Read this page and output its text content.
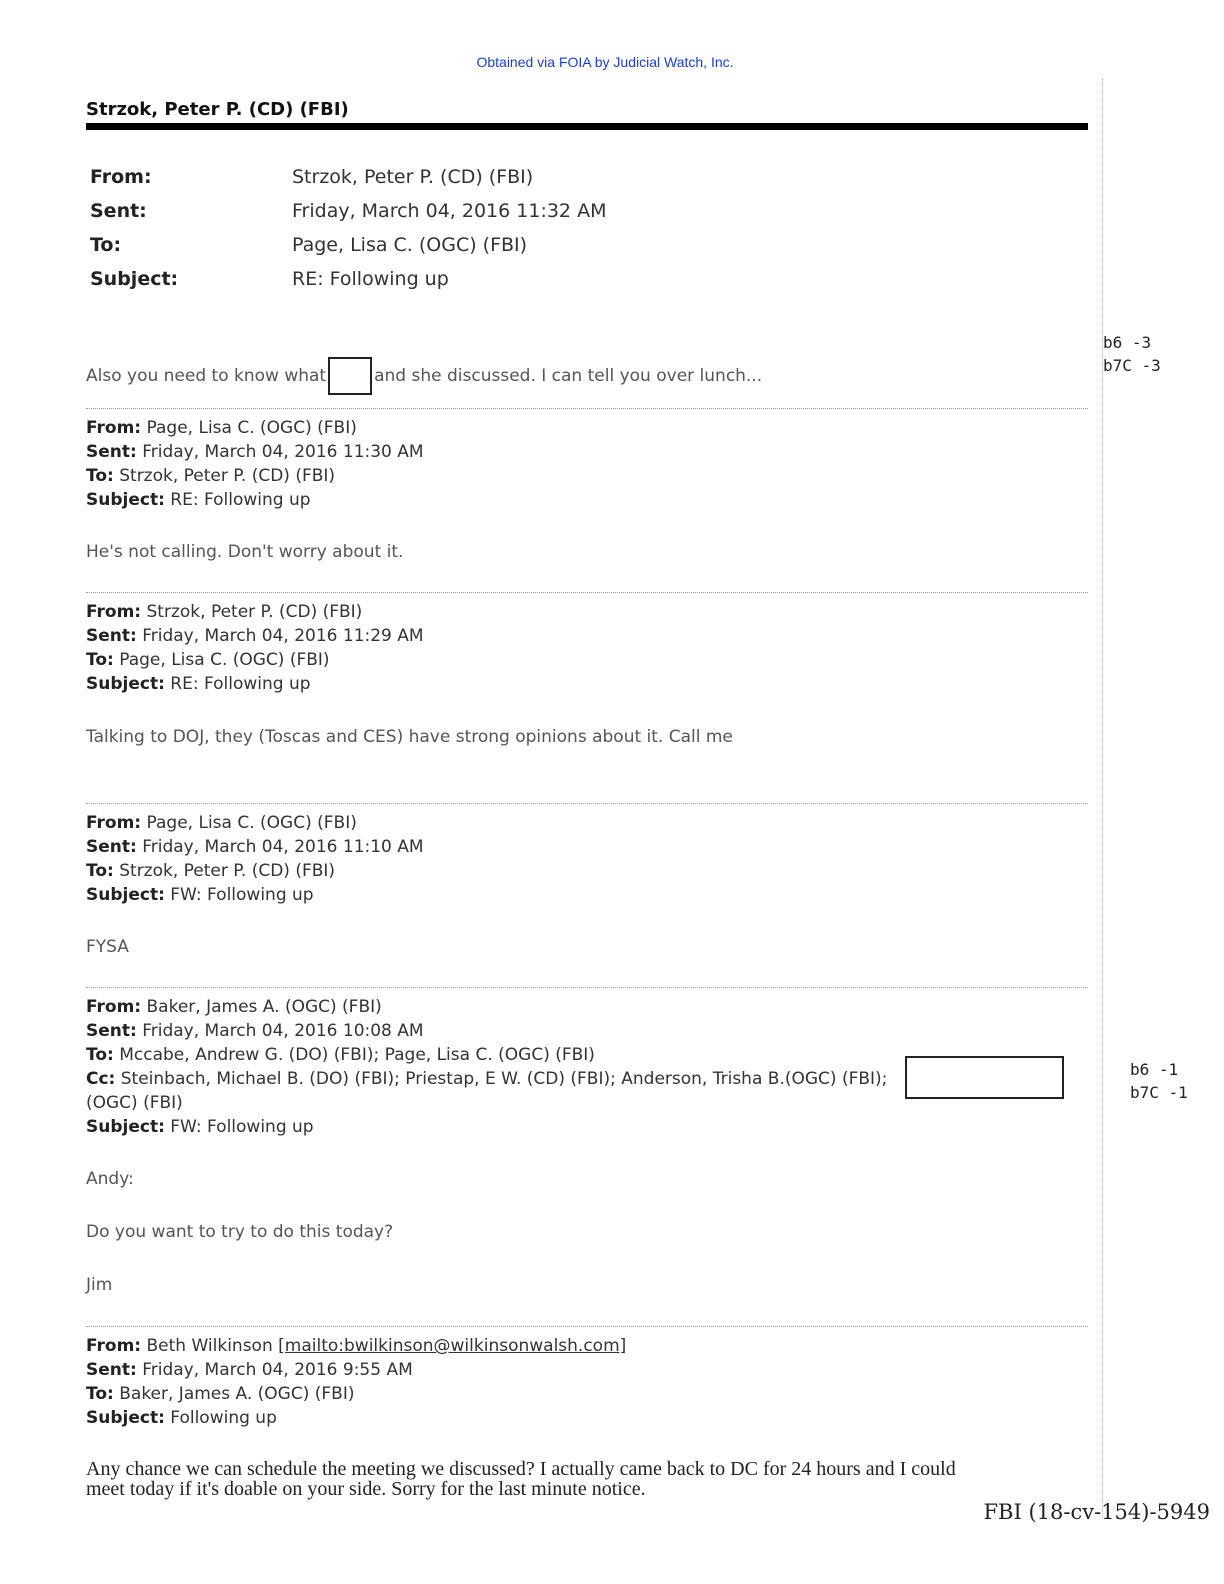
Obtained via FOIA by Judicial Watch, Inc.
Strzok, Peter P. (CD) (FBI)
From:	Strzok, Peter P. (CD) (FBI)
Sent:	Friday, March 04, 2016 11:32 AM
To:	Page, Lisa C. (OGC) (FBI)
Subject:	RE: Following up
Also you need to know what	and she discussed. I can tell you over lunch...
b6 -3
b7C -3
From: Page, Lisa C. (OGC) (FBI)
Sent: Friday, March 04, 2016 11:30 AM
To: Strzok, Peter P. (CD) (FBI)
Subject: RE: Following up
He's not calling. Don't worry about it.
From: Strzok, Peter P. (CD) (FBI)
Sent: Friday, March 04, 2016 11:29 AM
To: Page, Lisa C. (OGC) (FBI)
Subject: RE: Following up
Talking to DOJ, they (Toscas and CES) have strong opinions about it. Call me
From: Page, Lisa C. (OGC) (FBI)
Sent: Friday, March 04, 2016 11:10 AM
To: Strzok, Peter P. (CD) (FBI)
Subject: FW: Following up
FYSA
From: Baker, James A. (OGC) (FBI)
Sent: Friday, March 04, 2016 10:08 AM
To: Mccabe, Andrew G. (DO) (FBI); Page, Lisa C. (OGC) (FBI)
Cc: Steinbach, Michael B. (DO) (FBI); Priestap, E W. (CD) (FBI); Anderson, Trisha B.(OGC) (FBI);
(OGC) (FBI)
Subject: FW: Following up
b6 -1
b7C -1
Andy:
Do you want to try to do this today?
Jim
From: Beth Wilkinson [mailto:bwilkinson@wilkinsonwalsh.com]
Sent: Friday, March 04, 2016 9:55 AM
To: Baker, James A. (OGC) (FBI)
Subject: Following up
Any chance we can schedule the meeting we discussed? I actually came back to DC for 24 hours and I could
meet today if it's doable on your side. Sorry for the last minute notice.
FBI (18-cv-154)-5949
